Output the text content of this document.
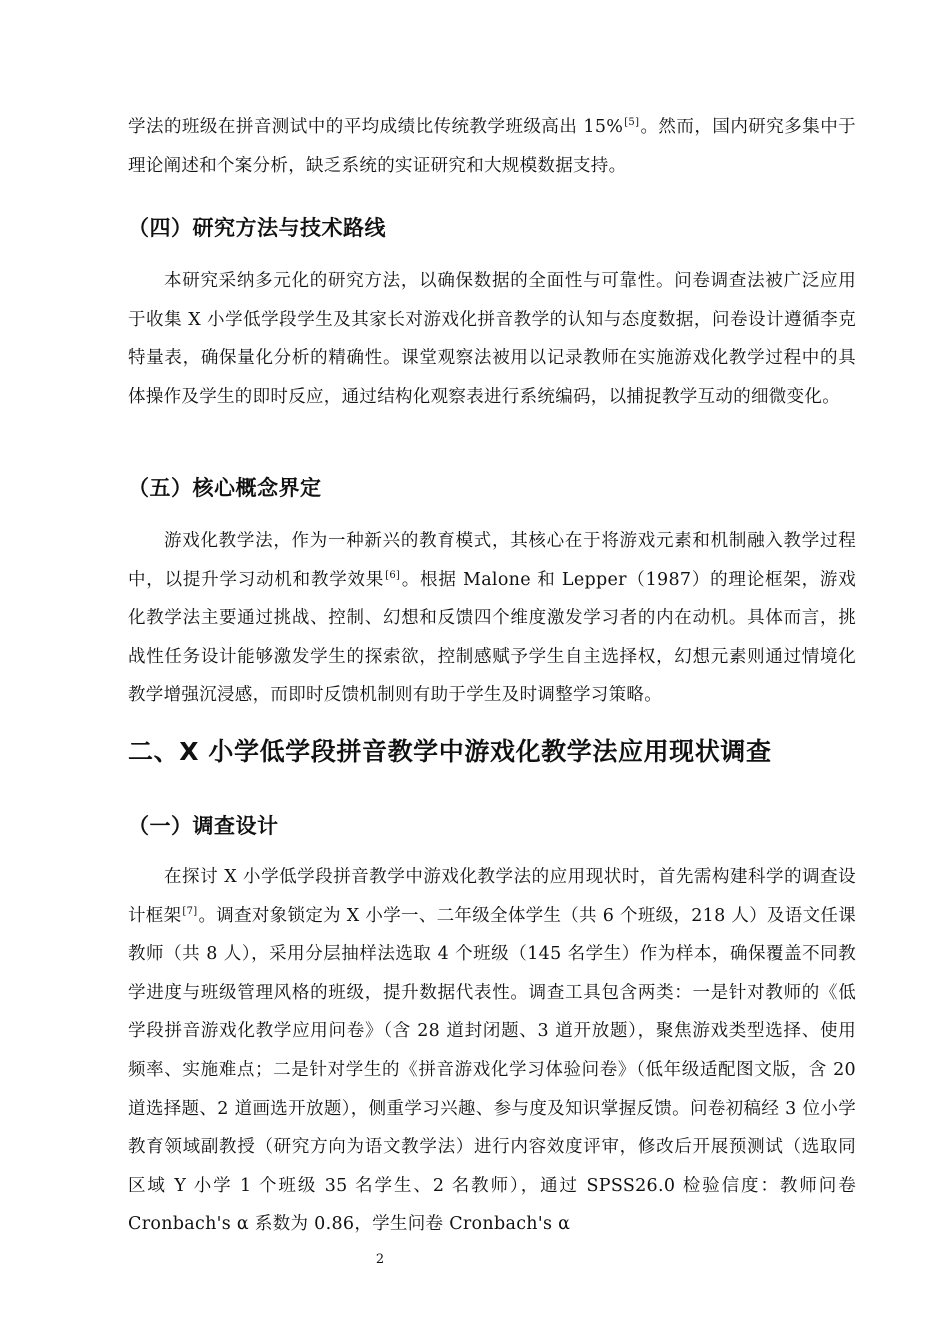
学法的班级在拼音测试中的平均成绩比传统教学班级高出 15%[5]。然而，国内研究多集中于理论阐述和个案分析，缺乏系统的实证研究和大规模数据支持。

（四）研究方法与技术路线

本研究采纳多元化的研究方法，以确保数据的全面性与可靠性。问卷调查法被广泛应用于收集 X 小学低学段学生及其家长对游戏化拼音教学的认知与态度数据，问卷设计遵循李克特量表，确保量化分析的精确性。课堂观察法被用以记录教师在实施游戏化教学过程中的具体操作及学生的即时反应，通过结构化观察表进行系统编码，以捕捉教学互动的细微变化。

（五）核心概念界定

游戏化教学法，作为一种新兴的教育模式，其核心在于将游戏元素和机制融入教学过程中，以提升学习动机和教学效果[6]。根据 Malone 和 Lepper（1987）的理论框架，游戏化教学法主要通过挑战、控制、幻想和反馈四个维度激发学习者的内在动机。具体而言，挑战性任务设计能够激发学生的探索欲，控制感赋予学生自主选择权，幻想元素则通过情境化教学增强沉浸感，而即时反馈机制则有助于学生及时调整学习策略。

二、X 小学低学段拼音教学中游戏化教学法应用现状调查
（一）调查设计

在探讨 X 小学低学段拼音教学中游戏化教学法的应用现状时，首先需构建科学的调查设计框架[7]。调查对象锁定为 X 小学一、二年级全体学生（共 6 个班级，218 人）及语文任课教师（共 8 人），采用分层抽样法选取 4 个班级（145 名学生）作为样本，确保覆盖不同教学进度与班级管理风格的班级，提升数据代表性。调查工具包含两类：一是针对教师的《低学段拼音游戏化教学应用问卷》（含 28 道封闭题、3 道开放题），聚焦游戏类型选择、使用频率、实施难点；二是针对学生的《拼音游戏化学习体验问卷》（低年级适配图文版，含 20 道选择题、2 道画选开放题），侧重学习兴趣、参与度及知识掌握反馈。问卷初稿经 3 位小学教育领域副教授（研究方向为语文教学法）进行内容效度评审，修改后开展预测试（选取同区域 Y 小学 1 个班级 35 名学生、2 名教师），通过 SPSS26.0 检验信度：教师问卷 Cronbach's α 系数为 0.86，学生问卷 Cronbach's α

2
